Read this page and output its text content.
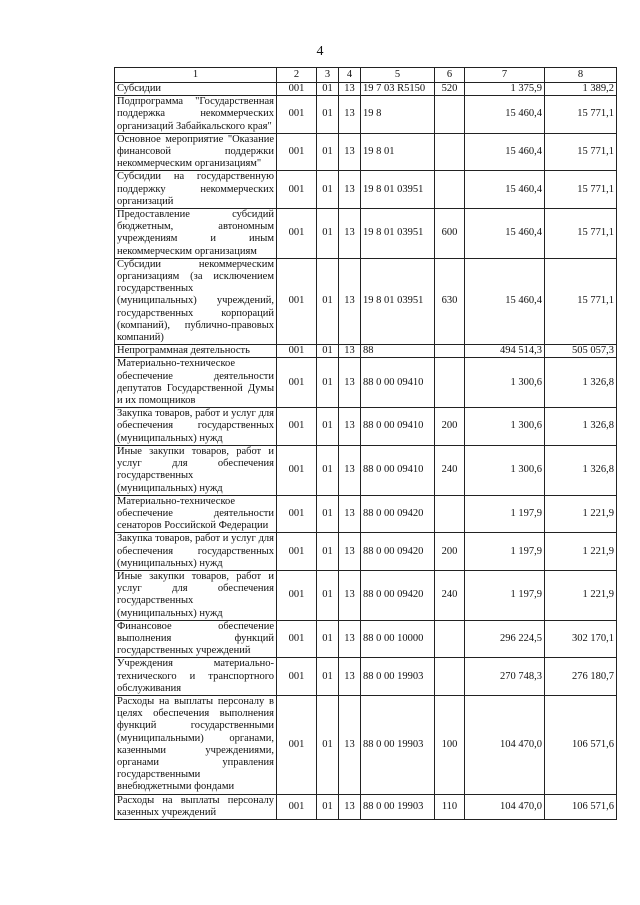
4
1	2	3	4	5	6	7	8
Субсидии	001	01	13	19 7 03 R5150	520	1 375,9	1 389,2
Подпрограмма "Государственная поддержка некоммерческих организаций Забайкальского края"	001	01	13	19 8		15 460,4	15 771,1
Основное мероприятие "Оказание финансовой поддержки некоммерческим организациям"	001	01	13	19 8 01		15 460,4	15 771,1
Субсидии на государственную поддержку некоммерческих организаций	001	01	13	19 8 01 03951		15 460,4	15 771,1
Предоставление субсидий бюджетным, автономным учреждениям и иным некоммерческим организациям	001	01	13	19 8 01 03951	600	15 460,4	15 771,1
Субсидии некоммерческим организациям (за исключением государственных (муниципальных) учреждений, государственных корпораций (компаний), публично-правовых компаний)	001	01	13	19 8 01 03951	630	15 460,4	15 771,1
Непрограммная деятельность	001	01	13	88		494 514,3	505 057,3
Материально-техническое обеспечение деятельности депутатов Государственной Думы и их помощников	001	01	13	88 0 00 09410		1 300,6	1 326,8
Закупка товаров, работ и услуг для обеспечения государственных (муниципальных) нужд	001	01	13	88 0 00 09410	200	1 300,6	1 326,8
Иные закупки товаров, работ и услуг для обеспечения государственных (муниципальных) нужд	001	01	13	88 0 00 09410	240	1 300,6	1 326,8
Материально-техническое обеспечение деятельности сенаторов Российской Федерации	001	01	13	88 0 00 09420		1 197,9	1 221,9
Закупка товаров, работ и услуг для обеспечения государственных (муниципальных) нужд	001	01	13	88 0 00 09420	200	1 197,9	1 221,9
Иные закупки товаров, работ и услуг для обеспечения государственных (муниципальных) нужд	001	01	13	88 0 00 09420	240	1 197,9	1 221,9
Финансовое обеспечение выполнения функций государственных учреждений	001	01	13	88 0 00 10000		296 224,5	302 170,1
Учреждения материально-технического и транспортного обслуживания	001	01	13	88 0 00 19903		270 748,3	276 180,7
Расходы на выплаты персоналу в целях обеспечения выполнения функций государственными (муниципальными) органами, казенными учреждениями, органами управления государственными внебюджетными фондами	001	01	13	88 0 00 19903	100	104 470,0	106 571,6
Расходы на выплаты персоналу казенных учреждений	001	01	13	88 0 00 19903	110	104 470,0	106 571,6
